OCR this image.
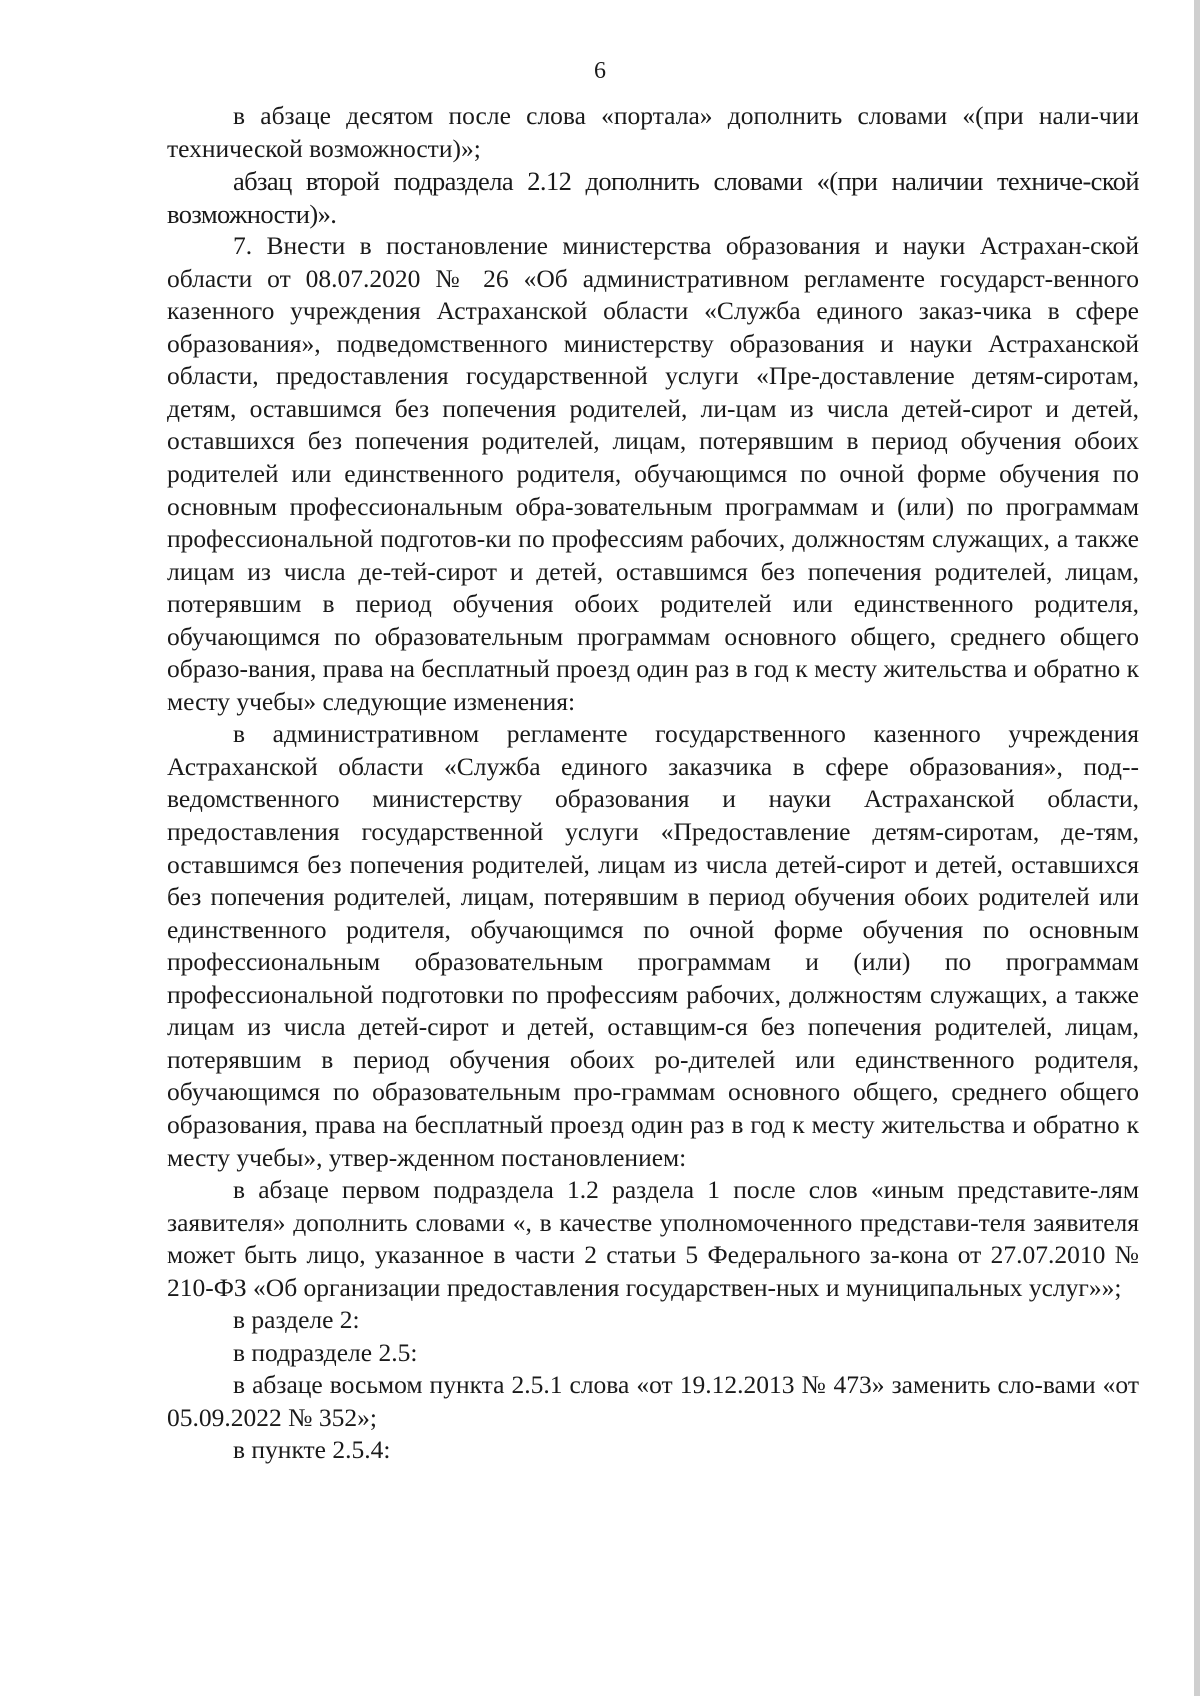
6

в абзаце десятом после слова «портала» дополнить словами «(при нали-чии технической возможности)»;

абзац второй подраздела 2.12 дополнить словами «(при наличии техниче-ской возможности)».

7. Внести в постановление министерства образования и науки Астрахан-ской области от 08.07.2020 № 26 «Об административном регламенте государст-венного казенного учреждения Астраханской области «Служба единого заказ-чика в сфере образования», подведомственного министерству образования и науки Астраханской области, предоставления государственной услуги «Пре-доставление детям-сиротам, детям, оставшимся без попечения родителей, ли-цам из числа детей-сирот и детей, оставшихся без попечения родителей, лицам, потерявшим в период обучения обоих родителей или единственного родителя, обучающимся по очной форме обучения по основным профессиональным обра-зовательным программам и (или) по программам профессиональной подготов-ки по профессиям рабочих, должностям служащих, а также лицам из числа де-тей-сирот и детей, оставшимся без попечения родителей, лицам, потерявшим в период обучения обоих родителей или единственного родителя, обучающимся по образовательным программам основного общего, среднего общего образо-вания, права на бесплатный проезд один раз в год к месту жительства и обратно к месту учебы» следующие изменения:

в административном регламенте государственного казенного учреждения Астраханской области «Служба единого заказчика в сфере образования», под-ведомственного министерству образования и науки Астраханской области, предоставления государственной услуги «Предоставление детям-сиротам, де-тям, оставшимся без попечения родителей, лицам из числа детей-сирот и детей, оставшихся без попечения родителей, лицам, потерявшим в период обучения обоих родителей или единственного родителя, обучающимся по очной форме обучения по основным профессиональным образовательным программам и (или) по программам профессиональной подготовки по профессиям рабочих, должностям служащих, а также лицам из числа детей-сирот и детей, оставщим-ся без попечения родителей, лицам, потерявшим в период обучения обоих ро-дителей или единственного родителя, обучающимся по образовательным про-граммам основного общего, среднего общего образования, права на бесплатный проезд один раз в год к месту жительства и обратно к месту учебы», утвер-жденном постановлением:

в абзаце первом подраздела 1.2 раздела 1 после слов «иным представите-лям заявителя» дополнить словами «, в качестве уполномоченного представи-теля заявителя может быть лицо, указанное в части 2 статьи 5 Федерального за-кона от 27.07.2010 № 210-ФЗ «Об организации предоставления государствен-ных и муниципальных услуг»»;

в разделе 2:

в подразделе 2.5:

в абзаце восьмом пункта 2.5.1 слова «от 19.12.2013 № 473» заменить сло-вами «от 05.09.2022 № 352»;

в пункте 2.5.4:
